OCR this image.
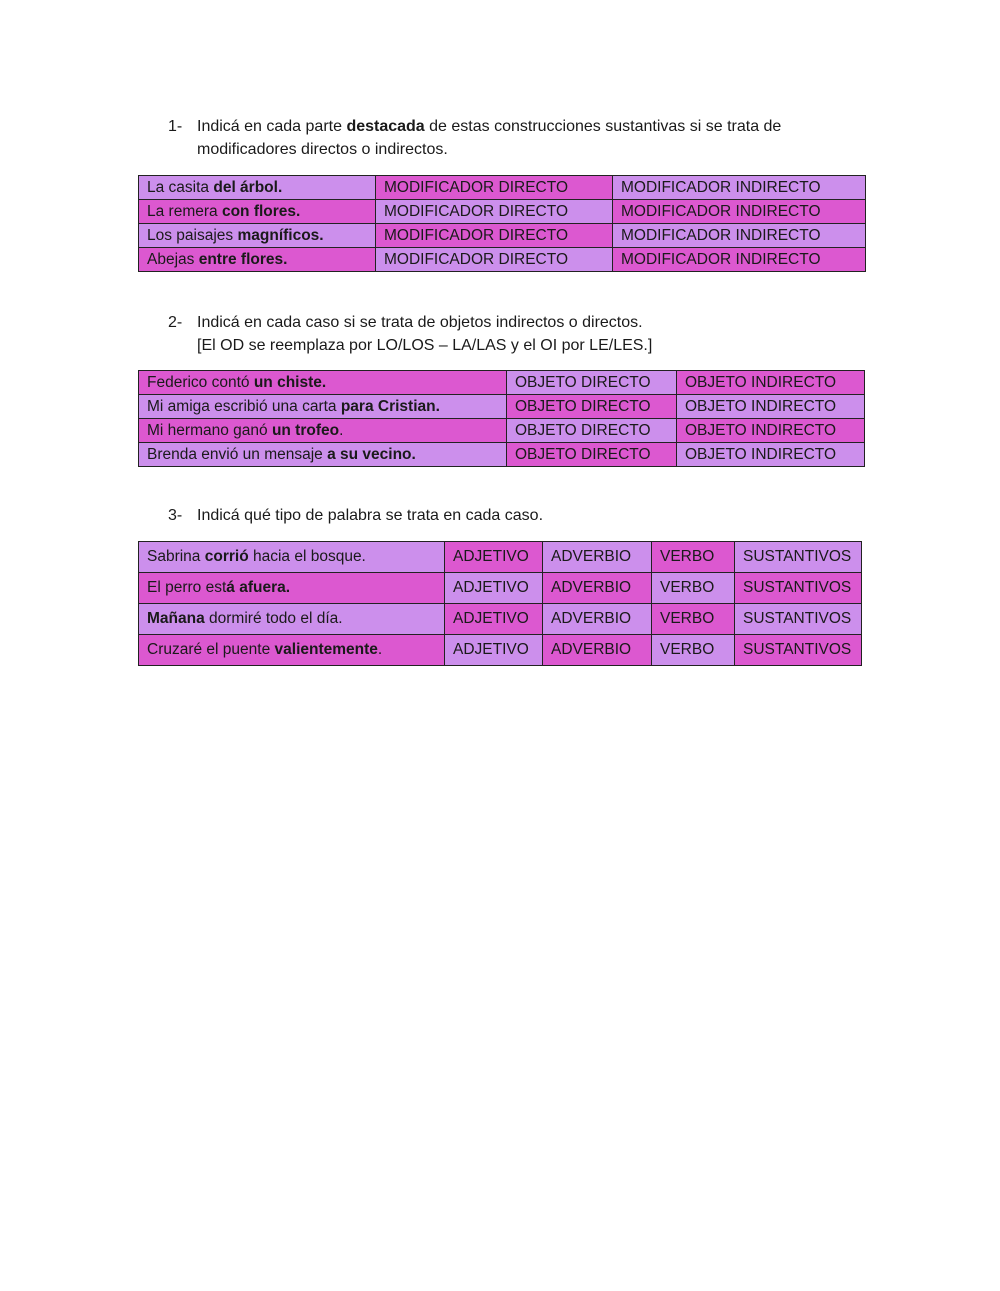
1- Indicá en cada parte destacada de estas construcciones sustantivas si se trata de
modificadores directos o indirectos.
La casita del árbol.	MODIFICADOR DIRECTO	MODIFICADOR INDIRECTO
La remera con flores.	MODIFICADOR DIRECTO	MODIFICADOR INDIRECTO
Los paisajes magníficos.	MODIFICADOR DIRECTO	MODIFICADOR INDIRECTO
Abejas entre flores.	MODIFICADOR DIRECTO	MODIFICADOR INDIRECTO
2- Indicá en cada caso si se trata de objetos indirectos o directos.
[El OD se reemplaza por LO/LOS – LA/LAS y el OI por LE/LES.]
Federico contó un chiste.	OBJETO DIRECTO	OBJETO INDIRECTO
Mi amiga escribió una carta para Cristian.	OBJETO DIRECTO	OBJETO INDIRECTO
Mi hermano ganó un trofeo.	OBJETO DIRECTO	OBJETO INDIRECTO
Brenda envió un mensaje a su vecino.	OBJETO DIRECTO	OBJETO INDIRECTO
3- Indicá qué tipo de palabra se trata en cada caso.
Sabrina corrió hacia el bosque.	ADJETIVO	ADVERBIO	VERBO	SUSTANTIVOS
El perro está afuera.	ADJETIVO	ADVERBIO	VERBO	SUSTANTIVOS
Mañana dormiré todo el día.	ADJETIVO	ADVERBIO	VERBO	SUSTANTIVOS
Cruzaré el puente valientemente.	ADJETIVO	ADVERBIO	VERBO	SUSTANTIVOS
